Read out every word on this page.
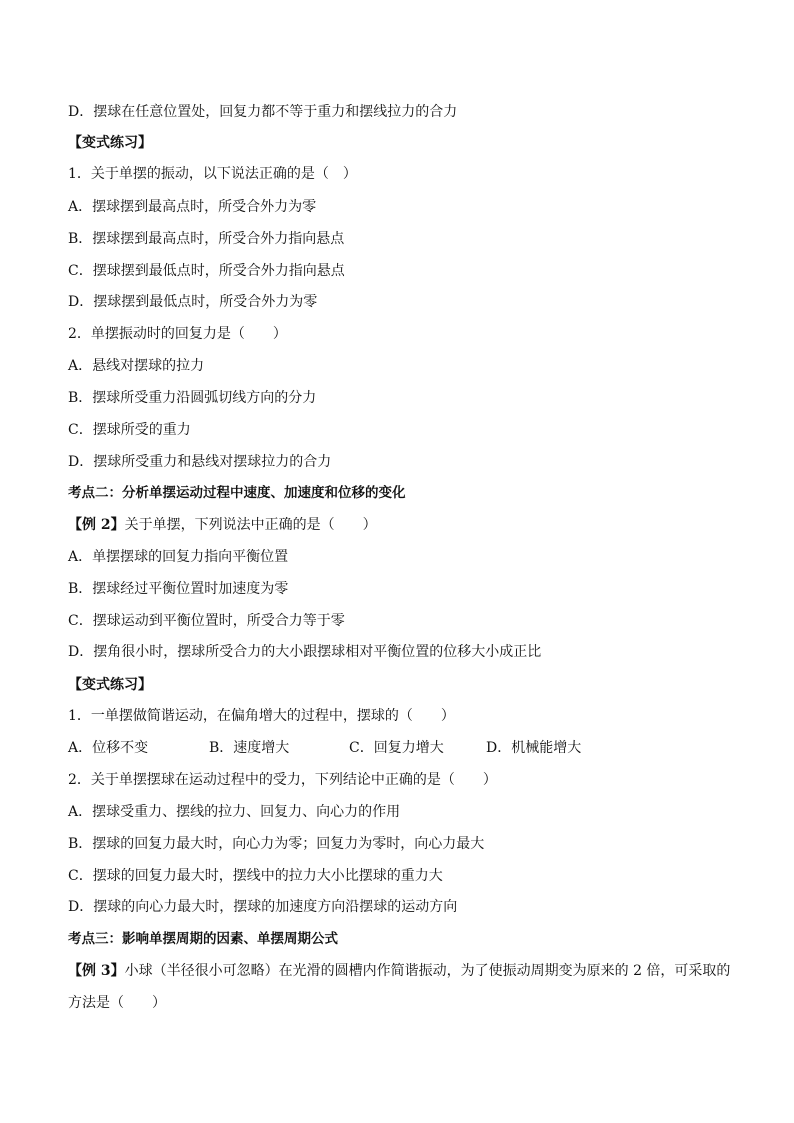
D．摆球在任意位置处，回复力都不等于重力和摆线拉力的合力
【变式练习】
1．关于单摆的振动，以下说法正确的是（　）
A．摆球摆到最高点时，所受合外力为零
B．摆球摆到最高点时，所受合外力指向悬点
C．摆球摆到最低点时，所受合外力指向悬点
D．摆球摆到最低点时，所受合外力为零
2．单摆振动时的回复力是（　　）
A．悬线对摆球的拉力
B．摆球所受重力沿圆弧切线方向的分力
C．摆球所受的重力
D．摆球所受重力和悬线对摆球拉力的合力
考点二：分析单摆运动过程中速度、加速度和位移的变化
【例 2】关于单摆，下列说法中正确的是（　　）
A．单摆摆球的回复力指向平衡位置
B．摆球经过平衡位置时加速度为零
C．摆球运动到平衡位置时，所受合力等于零
D．摆角很小时，摆球所受合力的大小跟摆球相对平衡位置的位移大小成正比
【变式练习】
1．一单摆做简谐运动，在偏角增大的过程中，摆球的（　　）
A．位移不变	B．速度增大	C．回复力增大	D．机械能增大
2．关于单摆摆球在运动过程中的受力，下列结论中正确的是（　　）
A．摆球受重力、摆线的拉力、回复力、向心力的作用
B．摆球的回复力最大时，向心力为零；回复力为零时，向心力最大
C．摆球的回复力最大时，摆线中的拉力大小比摆球的重力大
D．摆球的向心力最大时，摆球的加速度方向沿摆球的运动方向
考点三：影响单摆周期的因素、单摆周期公式
【例 3】小球（半径很小可忽略）在光滑的圆槽内作简谐振动，为了使振动周期变为原来的 2 倍，可采取的
方法是（　　）
